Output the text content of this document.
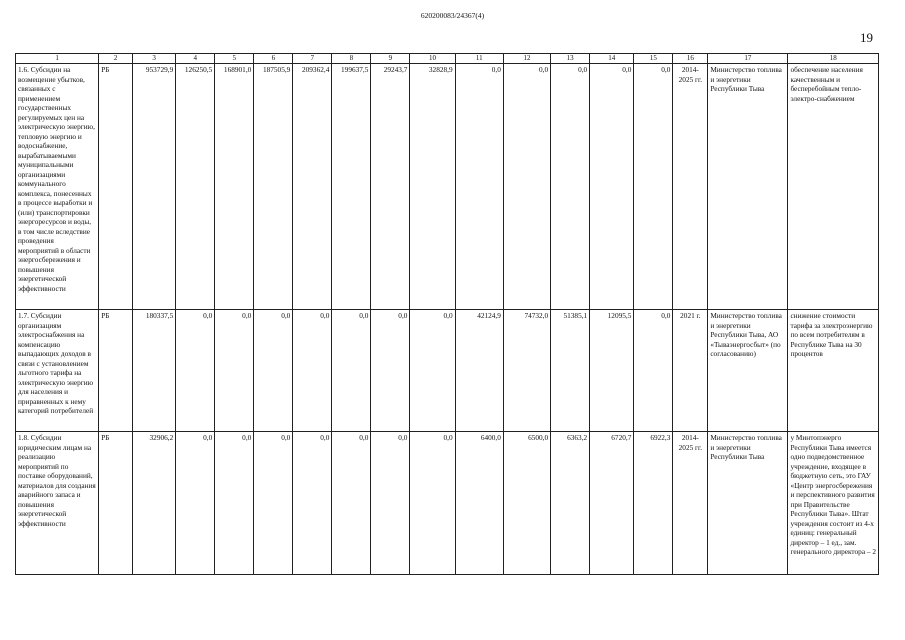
620200083/24367(4)
19
1	2	3	4	5	6	7	8	9	10	11	12	13	14	15	16	17	18
1.6. Субсидии на возмещение убытков, связанных с применением государственных регулируемых цен на электрическую энергию, тепловую энергию и водоснабжение, вырабатываемыми муниципальными организациями коммунального комплекса, понесенных в процессе выработки и (или) транспортировки энергоресурсов и воды, в том числе вследствие проведения мероприятий в области энергосбережения и повышения энергетической эффективности	РБ	953729,9	126250,5	168901,0	187505,9	209362,4	199637,5	29243,7	32828,9	0,0	0,0	0,0	0,0	0,0	2014-2025 гг.	Министерство топлива и энергетики Республики Тыва	обеспечение населения качественным и бесперебойным тепло-электро-снабжением
1.7. Субсидии организациям электроснабжения на компенсацию выпадающих доходов в связи с установлением льготного тарифа на электрическую энергию для населения и приравненных к нему категорий потребителей	РБ	180337,5	0,0	0,0	0,0	0,0	0,0	0,0	0,0	42124,9	74732,0	51385,1	12095,5	0,0	2021 г.	Министерство топлива и энергетики Республики Тыва, АО «Тываэнергосбыт» (по согласованию)	снижение стоимости тарифа за электроэнергию по всем потребителям в Республике Тыва на 30 процентов
1.8. Субсидии юридическим лицам на реализацию мероприятий по поставке оборудований, материалов для создания аварийного запаса и повышения энергетической эффективности	РБ	32906,2	0,0	0,0	0,0	0,0	0,0	0,0	0,0	6400,0	6500,0	6363,2	6720,7	6922,3	2014-2025 гг.	Министерство топлива и энергетики Республики Тыва	у Минтопэнерго Республики Тыва имеется одно подведомственное учреждение, входящее в бюджетную сеть, это ГАУ «Центр энергосбережения и перспективного развития при Правительстве Республики Тыва». Штат учреждения состоит из 4-х единиц: генеральный директор – 1 ед., зам. генерального директора – 2
